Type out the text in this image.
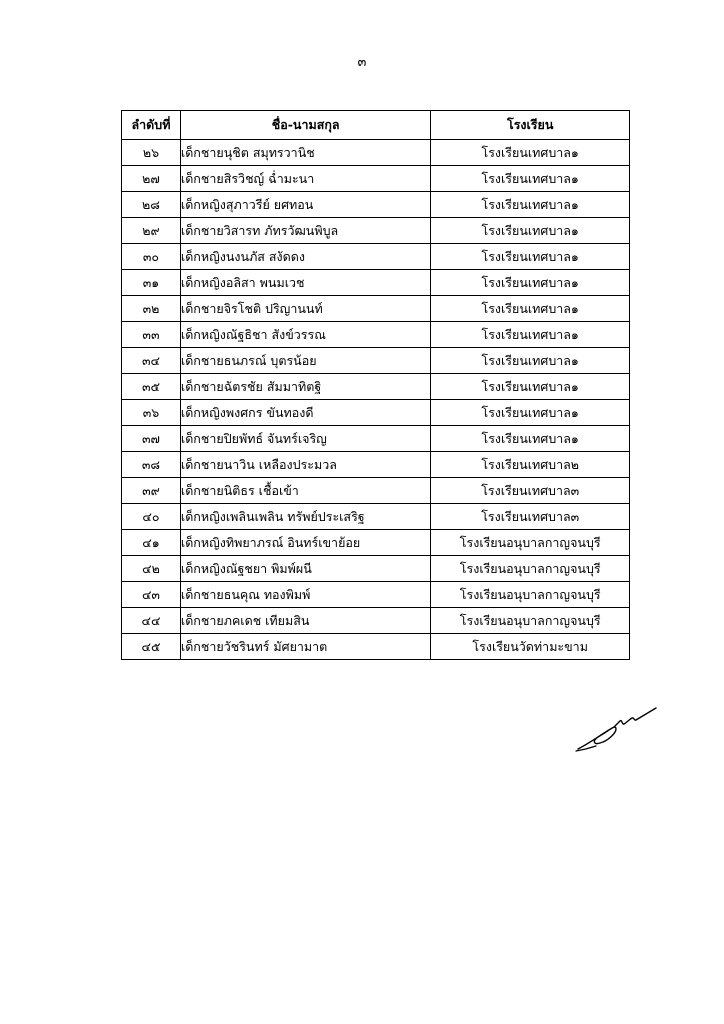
๓
ลำดับที่	ชื่อ-นามสกุล	โรงเรียน
๒๖	เด็กชายนุชิต สมุทรวานิช	โรงเรียนเทศบาล๑
๒๗	เด็กชายสิรวิชญ์ ฉ่ำมะนา	โรงเรียนเทศบาล๑
๒๘	เด็กหญิงสุภาวรีย์ ยศทอน	โรงเรียนเทศบาล๑
๒๙	เด็กชายวิสารท ภัทรวัฒนพิบูล	โรงเรียนเทศบาล๑
๓๐	เด็กหญิงนงนภัส สงัดดง	โรงเรียนเทศบาล๑
๓๑	เด็กหญิงอลิสา พนมเวช	โรงเรียนเทศบาล๑
๓๒	เด็กชายจิรโชติ ปริญานนท์	โรงเรียนเทศบาล๑
๓๓	เด็กหญิงณัฐธิชา สังข์วรรณ	โรงเรียนเทศบาล๑
๓๔	เด็กชายธนภรณ์ บุตรน้อย	โรงเรียนเทศบาล๑
๓๕	เด็กชายฉัตรชัย สัมมาทิตฐิ	โรงเรียนเทศบาล๑
๓๖	เด็กหญิงพงศกร ขันทองดี	โรงเรียนเทศบาล๑
๓๗	เด็กชายปิยพัทธ์ จันทร์เจริญ	โรงเรียนเทศบาล๑
๓๘	เด็กชายนาวิน เหลืองประมวล	โรงเรียนเทศบาล๒
๓๙	เด็กชายนิติธร เชื้อเข้า	โรงเรียนเทศบาล๓
๔๐	เด็กหญิงเพลินเพลิน ทรัพย์ประเสริฐ	โรงเรียนเทศบาล๓
๔๑	เด็กหญิงทิพยาภรณ์ อินทร์เขาย้อย	โรงเรียนอนุบาลกาญจนบุรี
๔๒	เด็กหญิงณัฐชยา พิมพ์ผนี	โรงเรียนอนุบาลกาญจนบุรี
๔๓	เด็กชายธนคุณ ทองพิมพ์	โรงเรียนอนุบาลกาญจนบุรี
๔๔	เด็กชายภคเดช เทียมสิน	โรงเรียนอนุบาลกาญจนบุรี
๔๕	เด็กชายวัชรินทร์ มัศยามาต	โรงเรียนวัดท่ามะขาม
